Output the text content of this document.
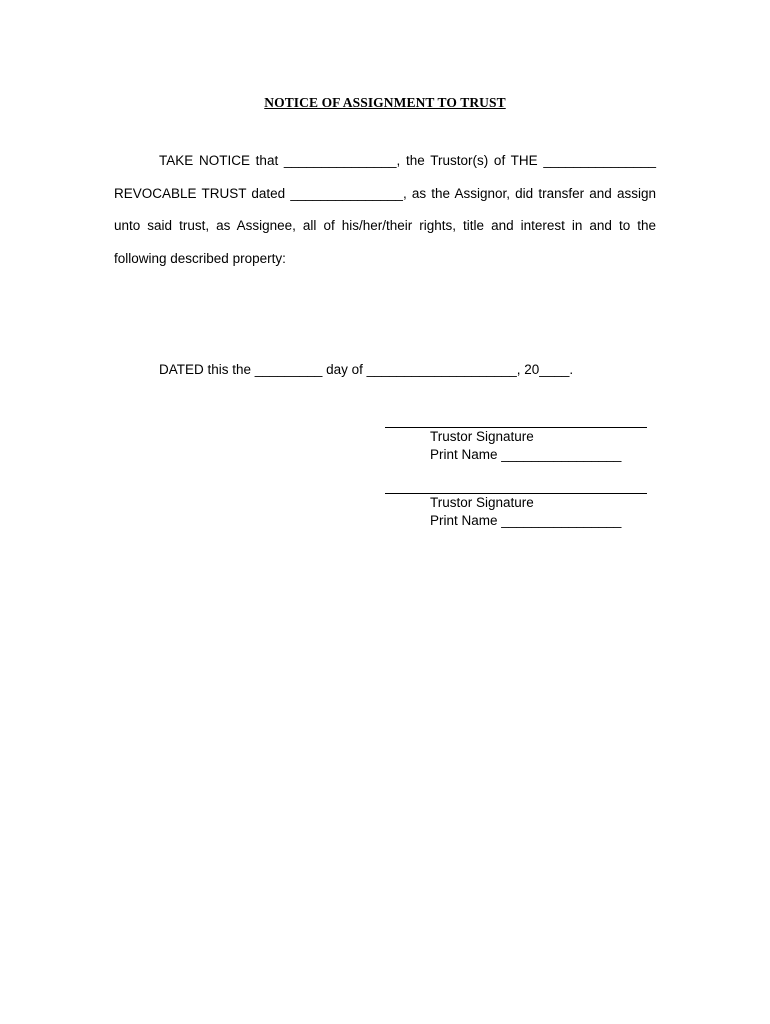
NOTICE OF ASSIGNMENT TO TRUST
TAKE NOTICE that _______________, the Trustor(s) of THE _______________ REVOCABLE TRUST dated _______________, as the Assignor, did transfer and assign unto said trust, as Assignee, all of his/her/their rights, title and interest in and to the following described property:
DATED this the _________ day of ____________________, 20____.
Trustor Signature
Print Name ________________
Trustor Signature
Print Name ________________
